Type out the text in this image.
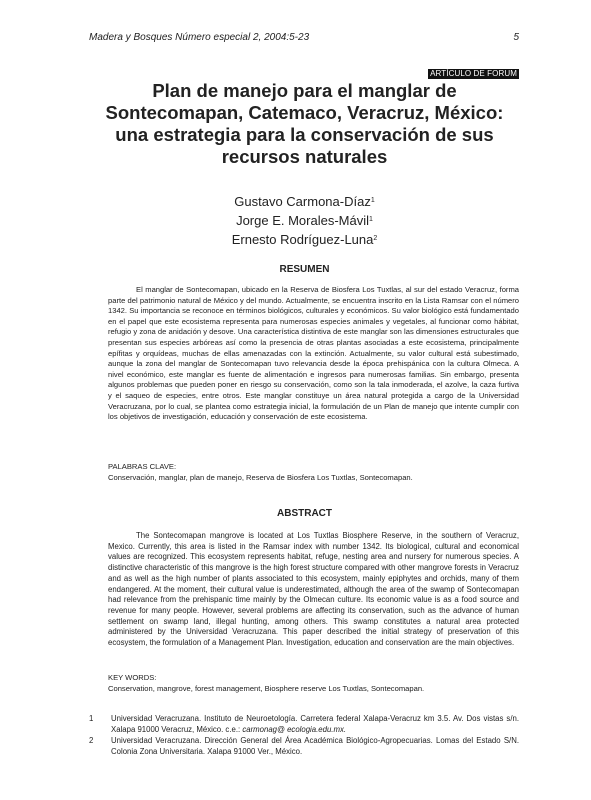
Madera y Bosques Número especial 2, 2004:5-23	5
ARTÍCULO DE FORUM
Plan de manejo para el manglar de
Sontecomapan, Catemaco, Veracruz, México:
una estrategia para la conservación de sus
recursos naturales
Gustavo Carmona-Díaz$^1$
Jorge E. Morales-Mávil$^1$
Ernesto Rodríguez-Luna$^2$
RESUMEN
El manglar de Sontecomapan, ubicado en la Reserva de Biosfera Los Tuxtlas, al sur del estado Veracruz, forma parte del patrimonio natural de México y del mundo. Actualmente, se encuentra inscrito en la Lista Ramsar con el número 1342. Su importancia se reconoce en términos biológicos, culturales y económicos. Su valor biológico está fundamentado en el papel que este ecosistema representa para numerosas especies animales y vegetales, al funcionar como hábitat, refugio y zona de anidación y desove. Una característica distintiva de este manglar son las dimensiones estructurales que presentan sus especies arbóreas así como la presencia de otras plantas asociadas a este ecosistema, principalmente epífitas y orquídeas, muchas de ellas amenazadas con la extinción. Actualmente, su valor cultural está subestimado, aunque la zona del manglar de Sontecomapan tuvo relevancia desde la época prehispánica con la cultura Olmeca. A nivel económico, este manglar es fuente de alimentación e ingresos para numerosas familias. Sin embargo, presenta algunos problemas que pueden poner en riesgo su conservación, como son la tala inmoderada, el azolve, la caza furtiva y el saqueo de especies, entre otros. Este manglar constituye un área natural protegida a cargo de la Universidad Veracruzana, por lo cual, se plantea como estrategia inicial, la formulación de un Plan de manejo que intente cumplir con los objetivos de investigación, educación y conservación de este ecosistema.
PALABRAS CLAVE:
Conservación, manglar, plan de manejo, Reserva de Biosfera Los Tuxtlas, Sontecomapan.
ABSTRACT
The Sontecomapan mangrove is located at Los Tuxtlas Biosphere Reserve, in the southern of Veracruz, Mexico. Currently, this area is listed in the Ramsar index with number 1342. Its biological, cultural and economical values are recognized. This ecosystem represents habitat, refuge, nesting area and nursery for numerous species. A distinctive characteristic of this mangrove is the high forest structure compared with other mangrove forests in Veracruz and as well as the high number of plants associated to this ecosystem, mainly epiphytes and orchids, many of them endangered. At the moment, their cultural value is underestimated, although the area of the swamp of Sontecomapan had relevance from the prehispanic time mainly by the Olmecan culture. Its economic value is as a food source and revenue for many people. However, several problems are affecting its conservation, such as the advance of human settlement on swamp land, illegal hunting, among others. This swamp constitutes a natural area protected administered by the Universidad Veracruzana. This paper described the initial strategy of preservation of this ecosystem, the formulation of a Management Plan. Investigation, education and conservation are the main objectives.
KEY WORDS:
Conservation, mangrove, forest management, Biosphere reserve Los Tuxtlas, Sontecomapan.
1	Universidad Veracruzana. Instituto de Neuroetología. Carretera federal Xalapa-Veracruz km 3.5. Av. Dos vistas s/n. Xalapa 91000 Veracruz, México. c.e.: carmonag@ ecologia.edu.mx.
2	Universidad Veracruzana. Dirección General del Área Académica Biológico-Agropecuarias. Lomas del Estado S/N. Colonia Zona Universitaria. Xalapa 91000 Ver., México.
